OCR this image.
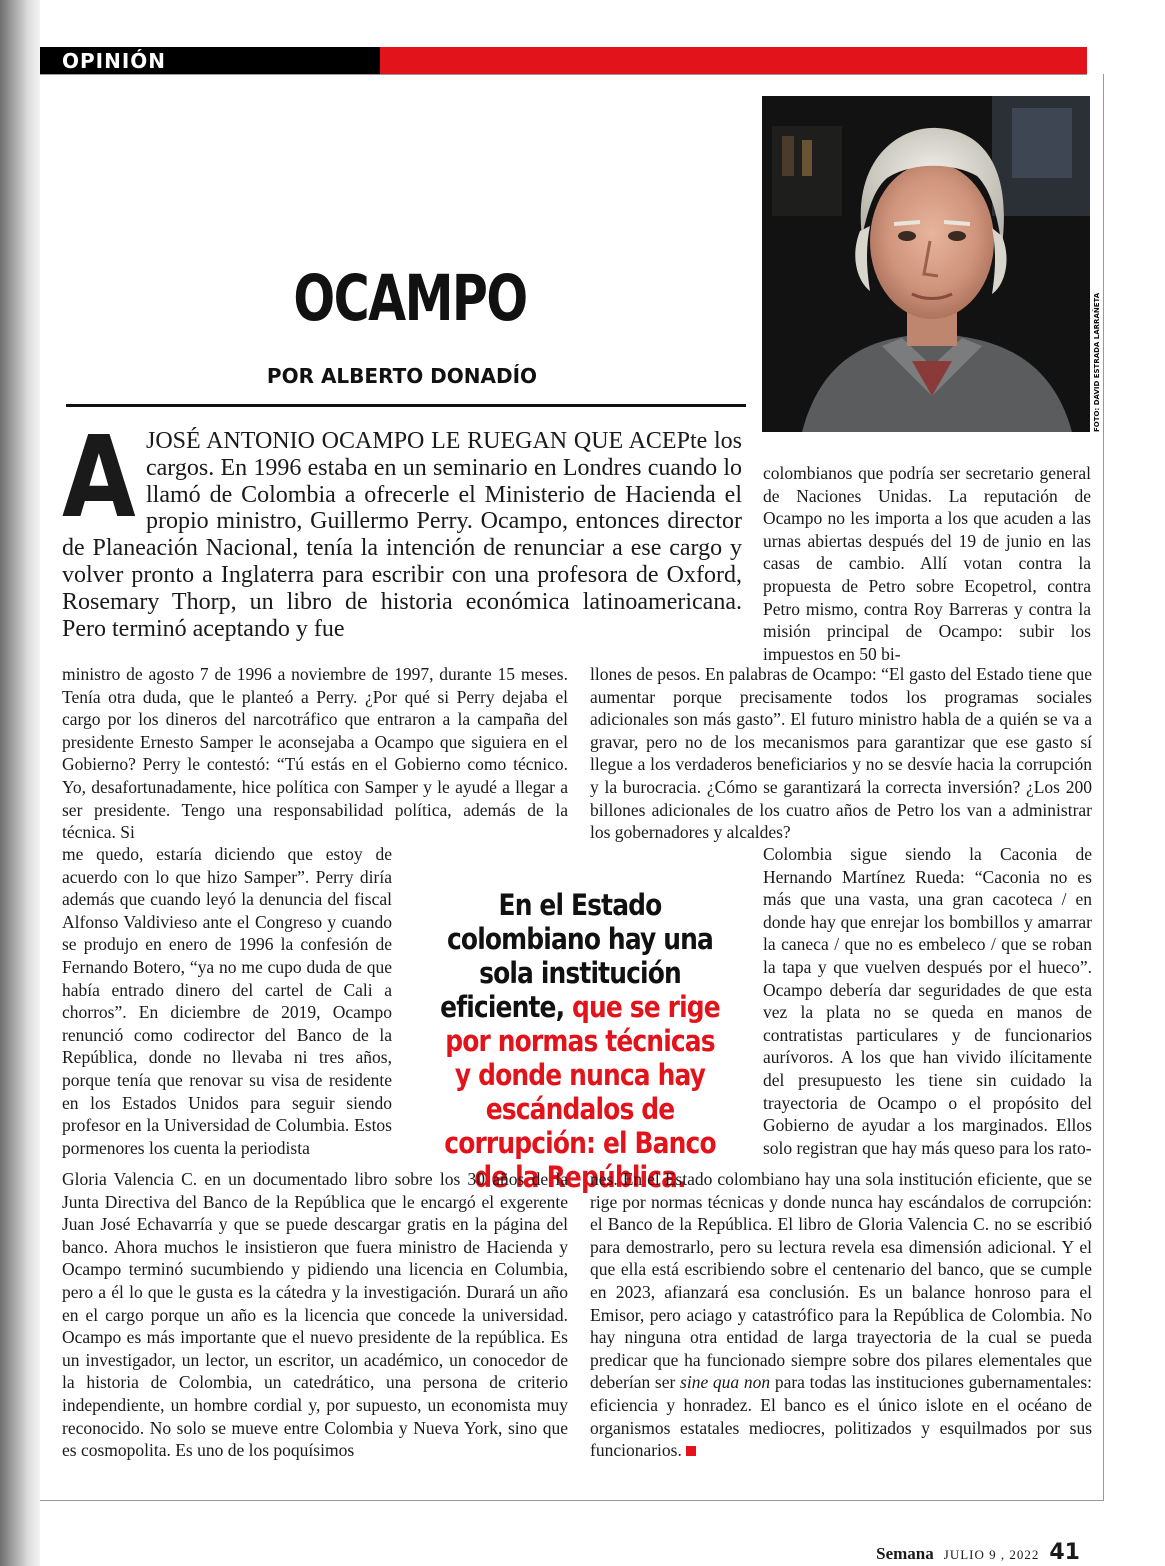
OPINIÓN
FOTO: DAVID ESTRADA LARRAÑETA
OCAMPO
POR ALBERTO DONADÍO
AJOSÉ ANTONIO OCAMPO LE RUEGAN QUE ACEPte los cargos. En 1996 estaba en un seminario en Londres cuando lo llamó de Colombia a ofrecerle el Ministerio de Hacienda el propio ministro, Guillermo Perry. Ocampo, entonces director de Planeación Nacional, tenía la intención de renunciar a ese cargo y volver pronto a Inglaterra para escribir con una profesora de Oxford, Rosemary Thorp, un libro de historia económica latinoamericana. Pero terminó aceptando y fue

colombianos que podría ser secretario general de Naciones Unidas. La reputación de Ocampo no les importa a los que acuden a las urnas abiertas después del 19 de junio en las casas de cambio. Allí votan contra la propuesta de Petro sobre Ecopetrol, contra Petro mismo, contra Roy Barreras y contra la misión principal de Ocampo: subir los impuestos en 50 bi-

ministro de agosto 7 de 1996 a noviembre de 1997, durante 15 meses. Tenía otra duda, que le planteó a Perry. ¿Por qué si Perry dejaba el cargo por los dineros del narcotráfico que entraron a la campaña del presidente Ernesto Samper le aconsejaba a Ocampo que siguiera en el Gobierno? Perry le contestó: “Tú estás en el Gobierno como técnico. Yo, desafortunadamente, hice política con Samper y le ayudé a llegar a ser presidente. Tengo una responsabilidad política, además de la técnica. Si

llones de pesos. En palabras de Ocampo: “El gasto del Estado tiene que aumentar porque precisamente todos los programas sociales adicionales son más gasto”. El futuro ministro habla de a quién se va a gravar, pero no de los mecanismos para garantizar que ese gasto sí llegue a los verdaderos beneficiarios y no se desvíe hacia la corrupción y la burocracia. ¿Cómo se garantizará la correcta inversión? ¿Los 200 billones adicionales de los cuatro años de Petro los van a administrar los gobernadores y alcaldes?

me quedo, estaría diciendo que estoy de acuerdo con lo que hizo Samper”. Perry diría además que cuando leyó la denuncia del fiscal Alfonso Valdivieso ante el Congreso y cuando se produjo en enero de 1996 la confesión de Fernando Botero, “ya no me cupo duda de que había entrado dinero del cartel de Cali a chorros”. En diciembre de 2019, Ocampo renunció como codirector del Banco de la República, donde no llevaba ni tres años, porque tenía que renovar su visa de residente en los Estados Unidos para seguir siendo profesor en la Universidad de Columbia. Estos pormenores los cuenta la periodista

Colombia sigue siendo la Caconia de Hernando Martínez Rueda: “Caconia no es más que una vasta, una gran cacoteca / en donde hay que enrejar los bombillos y amarrar la caneca / que no es embeleco / que se roban la tapa y que vuelven después por el hueco”. Ocampo debería dar seguridades de que esta vez la plata no se queda en manos de contratistas particulares y de funcionarios aurívoros. A los que han vivido ilícitamente del presupuesto les tiene sin cuidado la trayectoria de Ocampo o el propósito del Gobierno de ayudar a los marginados. Ellos solo registran que hay más queso para los rato-

En el Estado colombiano hay una sola institución eficiente, que se rige por normas técnicas y donde nunca hay escándalos de corrupción: el Banco de la República.

Gloria Valencia C. en un documentado libro sobre los 30 años de la Junta Directiva del Banco de la República que le encargó el exgerente Juan José Echavarría y que se puede descargar gratis en la página del banco. Ahora muchos le insistieron que fuera ministro de Hacienda y Ocampo terminó sucumbiendo y pidiendo una licencia en Columbia, pero a él lo que le gusta es la cátedra y la investigación. Durará un año en el cargo porque un año es la licencia que concede la universidad. Ocampo es más importante que el nuevo presidente de la república. Es un investigador, un lector, un escritor, un académico, un conocedor de la historia de Colombia, un catedrático, una persona de criterio independiente, un hombre cordial y, por supuesto, un economista muy reconocido. No solo se mueve entre Colombia y Nueva York, sino que es cosmopolita. Es uno de los poquísimos

nes. En el Estado colombiano hay una sola institución eficiente, que se rige por normas técnicas y donde nunca hay escándalos de corrupción: el Banco de la República. El libro de Gloria Valencia C. no se escribió para demostrarlo, pero su lectura revela esa dimensión adicional. Y el que ella está escribiendo sobre el centenario del banco, que se cumple en 2023, afianzará esa conclusión. Es un balance honroso para el Emisor, pero aciago y catastrófico para la República de Colombia. No hay ninguna otra entidad de larga trayectoria de la cual se pueda predicar que ha funcionado siempre sobre dos pilares elementales que deberían ser sine qua non para todas las instituciones gubernamentales: eficiencia y honradez. El banco es el único islote en el océano de organismos estatales mediocres, politizados y esquilmados por sus funcionarios.

Semana JULIO 9 , 2022 41
